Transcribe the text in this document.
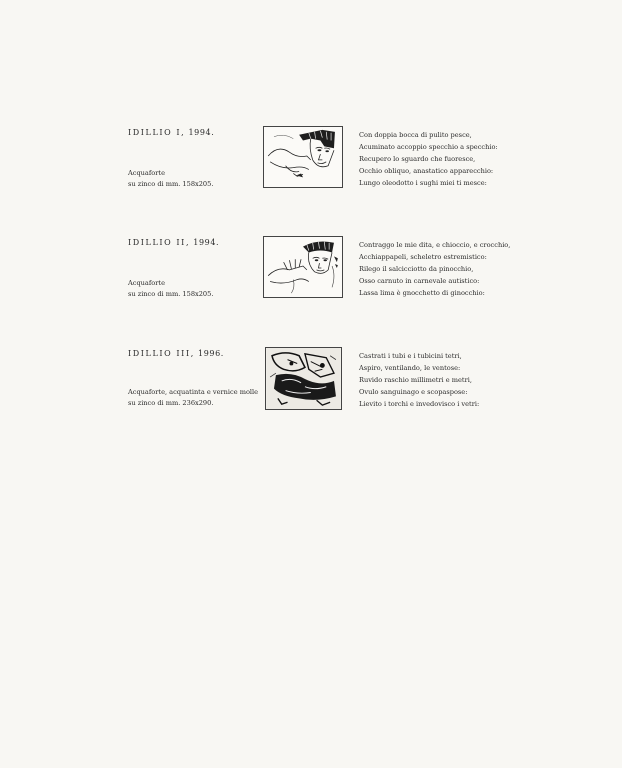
IDILLIO I, 1994.
Acquaforte
su zinco di mm. 158x205.
Con doppia bocca di pulito pesce,
Acuminato accoppio specchio a specchio:
Recupero lo sguardo che fuoresce,
Occhio obliquo, anastatico apparecchio:
Lungo oleodotto i sughi miei ti mesce:
IDILLIO II, 1994.
Acquaforte
su zinco di mm. 158x205.
Contraggo le mie dita, e chioccio, e crocchio,
Acchiappapeli, scheletro estremistico:
Rilego il salcicciotto da pinocchio,
Osso carnuto in carnevale autistico:
Lassa lima è gnocchetto di ginocchio:
IDILLIO III, 1996.
Acquaforte, acquatinta e vernice molle
su zinco di mm. 236x290.
Castrati i tubi e i tubicini tetri,
Aspiro, ventilando, le ventose:
Ruvido raschio millimetri e metri,
Ovulo sanguinago e scopaspose:
Lievito i torchi e invedovisco i vetri:
